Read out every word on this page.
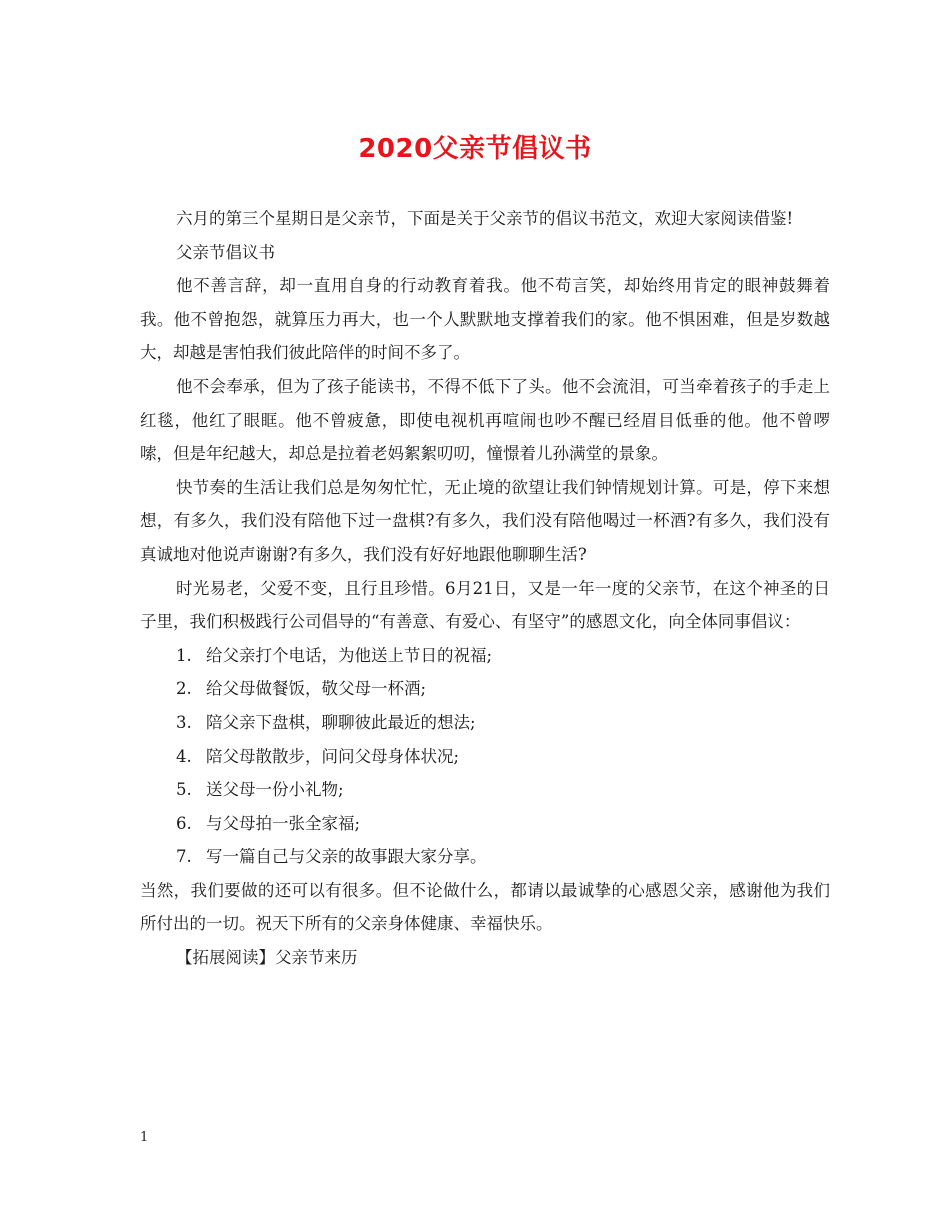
2020父亲节倡议书

六月的第三个星期日是父亲节，下面是关于父亲节的倡议书范文，欢迎大家阅读借鉴!

父亲节倡议书

他不善言辞，却一直用自身的行动教育着我。他不苟言笑，却始终用肯定的眼神鼓舞着我。他不曾抱怨，就算压力再大，也一个人默默地支撑着我们的家。他不惧困难，但是岁数越大，却越是害怕我们彼此陪伴的时间不多了。

他不会奉承，但为了孩子能读书，不得不低下了头。他不会流泪，可当牵着孩子的手走上红毯，他红了眼眶。他不曾疲惫，即使电视机再喧闹也吵不醒已经眉目低垂的他。他不曾啰嗦，但是年纪越大，却总是拉着老妈絮絮叨叨，憧憬着儿孙满堂的景象。

快节奏的生活让我们总是匆匆忙忙，无止境的欲望让我们钟情规划计算。可是，停下来想想，有多久，我们没有陪他下过一盘棋?有多久，我们没有陪他喝过一杯酒?有多久，我们没有真诚地对他说声谢谢?有多久，我们没有好好地跟他聊聊生活?

时光易老，父爱不变，且行且珍惜。6月21日，又是一年一度的父亲节，在这个神圣的日子里，我们积极践行公司倡导的“有善意、有爱心、有坚守”的感恩文化，向全体同事倡议：

1. 给父亲打个电话，为他送上节日的祝福;
2. 给父母做餐饭，敬父母一杯酒;
3. 陪父亲下盘棋，聊聊彼此最近的想法;
4. 陪父母散散步，问问父母身体状况;
5. 送父母一份小礼物;
6. 与父母拍一张全家福;
7. 写一篇自己与父亲的故事跟大家分享。

当然，我们要做的还可以有很多。但不论做什么，都请以最诚挚的心感恩父亲，感谢他为我们所付出的一切。祝天下所有的父亲身体健康、幸福快乐。

【拓展阅读】父亲节来历

1
